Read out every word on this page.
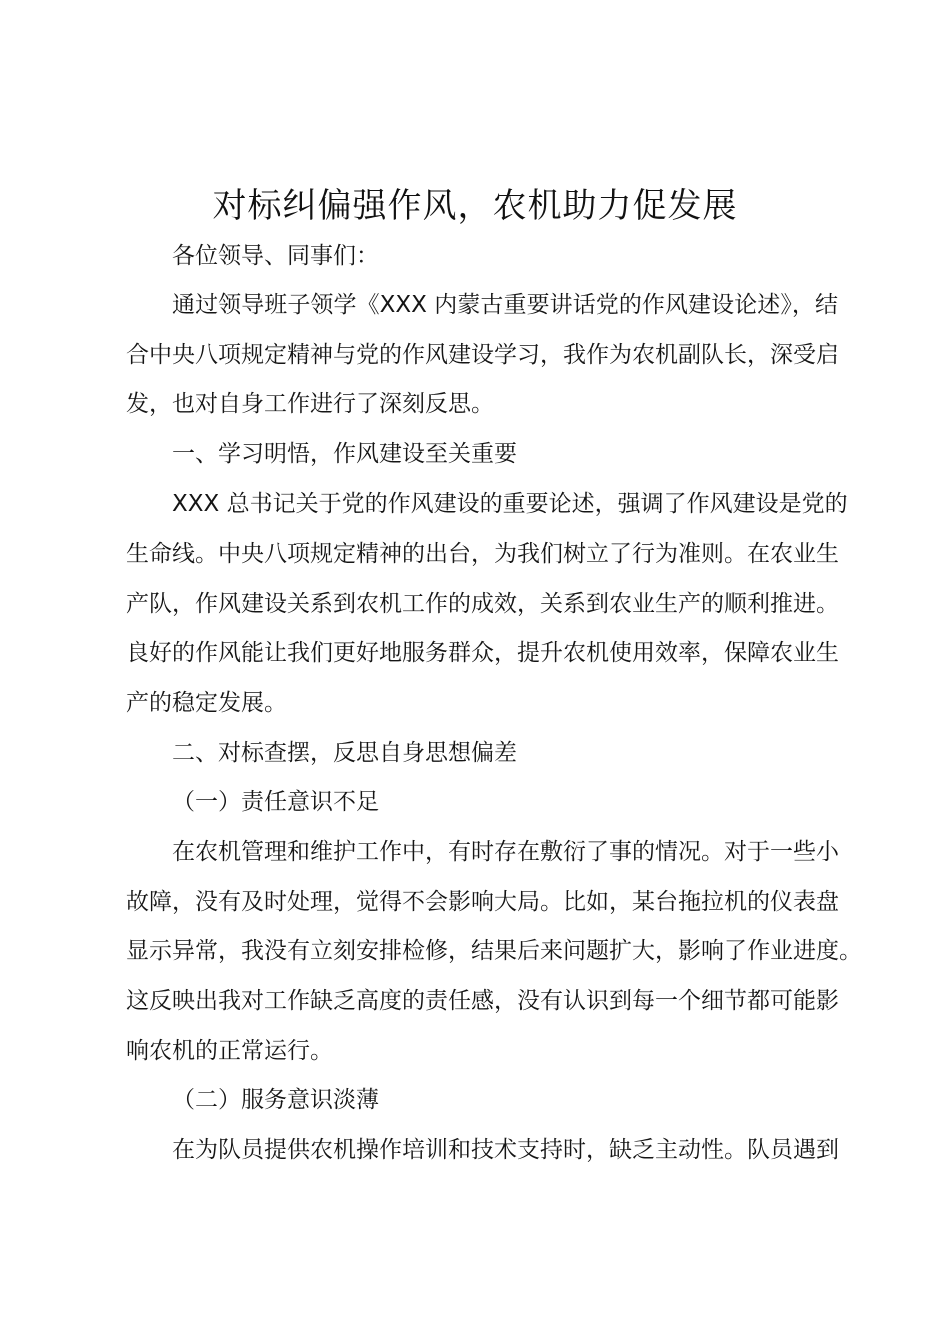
对标纠偏强作风，农机助力促发展
各位领导、同事们：
通过领导班子领学《XXX 内蒙古重要讲话党的作风建设论述》，结
合中央八项规定精神与党的作风建设学习，我作为农机副队长，深受启
发，也对自身工作进行了深刻反思。
一、学习明悟，作风建设至关重要
XXX 总书记关于党的作风建设的重要论述，强调了作风建设是党的
生命线。中央八项规定精神的出台，为我们树立了行为准则。在农业生
产队，作风建设关系到农机工作的成效，关系到农业生产的顺利推进。
良好的作风能让我们更好地服务群众，提升农机使用效率，保障农业生
产的稳定发展。
二、对标查摆，反思自身思想偏差
（一）责任意识不足
在农机管理和维护工作中，有时存在敷衍了事的情况。对于一些小
故障，没有及时处理，觉得不会影响大局。比如，某台拖拉机的仪表盘
显示异常，我没有立刻安排检修，结果后来问题扩大，影响了作业进度。
这反映出我对工作缺乏高度的责任感，没有认识到每一个细节都可能影
响农机的正常运行。
（二）服务意识淡薄
在为队员提供农机操作培训和技术支持时，缺乏主动性。队员遇到
